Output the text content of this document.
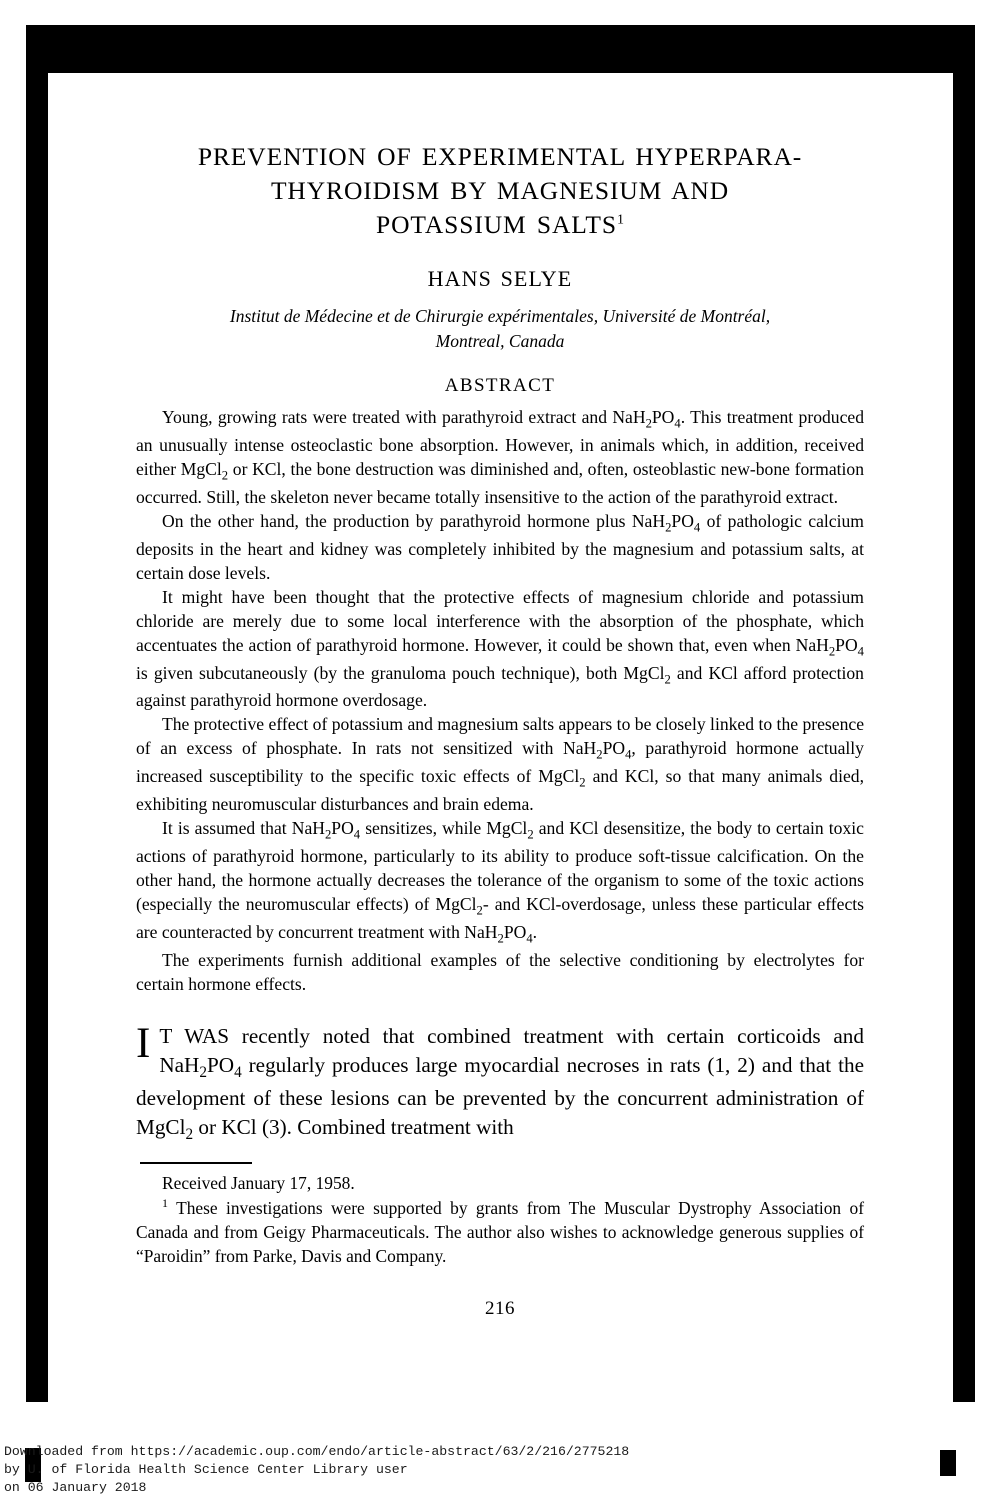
PREVENTION OF EXPERIMENTAL HYPERPARA-
THYROIDISM BY MAGNESIUM AND
POTASSIUM SALTS$^1$
HANS SELYE
Institut de Médecine et de Chirurgie expérimentales, Université de Montréal,
Montreal, Canada
ABSTRACT

Young, growing rats were treated with parathyroid extract and $NaH_2PO_4$. This treatment produced an unusually intense osteoclastic bone absorption. However, in animals which, in addition, received either MgCl$_2$ or KCl, the bone destruction was diminished and, often, osteoblastic new-bone formation occurred. Still, the skeleton never became totally insensitive to the action of the parathyroid extract.

On the other hand, the production by parathyroid hormone plus $NaH_2PO_4$ of pathologic calcium deposits in the heart and kidney was completely inhibited by the magnesium and potassium salts, at certain dose levels.

It might have been thought that the protective effects of magnesium chloride and potassium chloride are merely due to some local interference with the absorption of the phosphate, which accentuates the action of parathyroid hormone. However, it could be shown that, even when $NaH_2PO_4$ is given subcutaneously (by the granuloma pouch technique), both MgCl$_2$ and KCl afford protection against parathyroid hormone overdosage.

The protective effect of potassium and magnesium salts appears to be closely linked to the presence of an excess of phosphate. In rats not sensitized with $NaH_2PO_4$, parathyroid hormone actually increased susceptibility to the specific toxic effects of MgCl$_2$ and KCl, so that many animals died, exhibiting neuromuscular disturbances and brain edema.

It is assumed that $NaH_2PO_4$ sensitizes, while MgCl$_2$ and KCl desensitize, the body to certain toxic actions of parathyroid hormone, particularly to its ability to produce soft-tissue calcification. On the other hand, the hormone actually decreases the tolerance of the organism to some of the toxic actions (especially the neuromuscular effects) of MgCl$_2$- and KCl-overdosage, unless these particular effects are counteracted by concurrent treatment with $NaH_2PO_4$.

The experiments furnish additional examples of the selective conditioning by electrolytes for certain hormone effects.

I T WAS recently noted that combined treatment with certain corticoids and $NaH_2PO_4$ regularly produces large myocardial necroses in rats (1, 2) and that the development of these lesions can be prevented by the concurrent administration of MgCl$_2$ or KCl (3). Combined treatment with

Received January 17, 1958.

$^1$ These investigations were supported by grants from The Muscular Dystrophy Association of Canada and from Geigy Pharmaceuticals. The author also wishes to acknowledge generous supplies of “Paroidin” from Parke, Davis and Company.

216
Downloaded from https://academic.oup.com/endo/article-abstract/63/2/216/2775218
by U. of Florida Health Science Center Library user
on 06 January 2018
